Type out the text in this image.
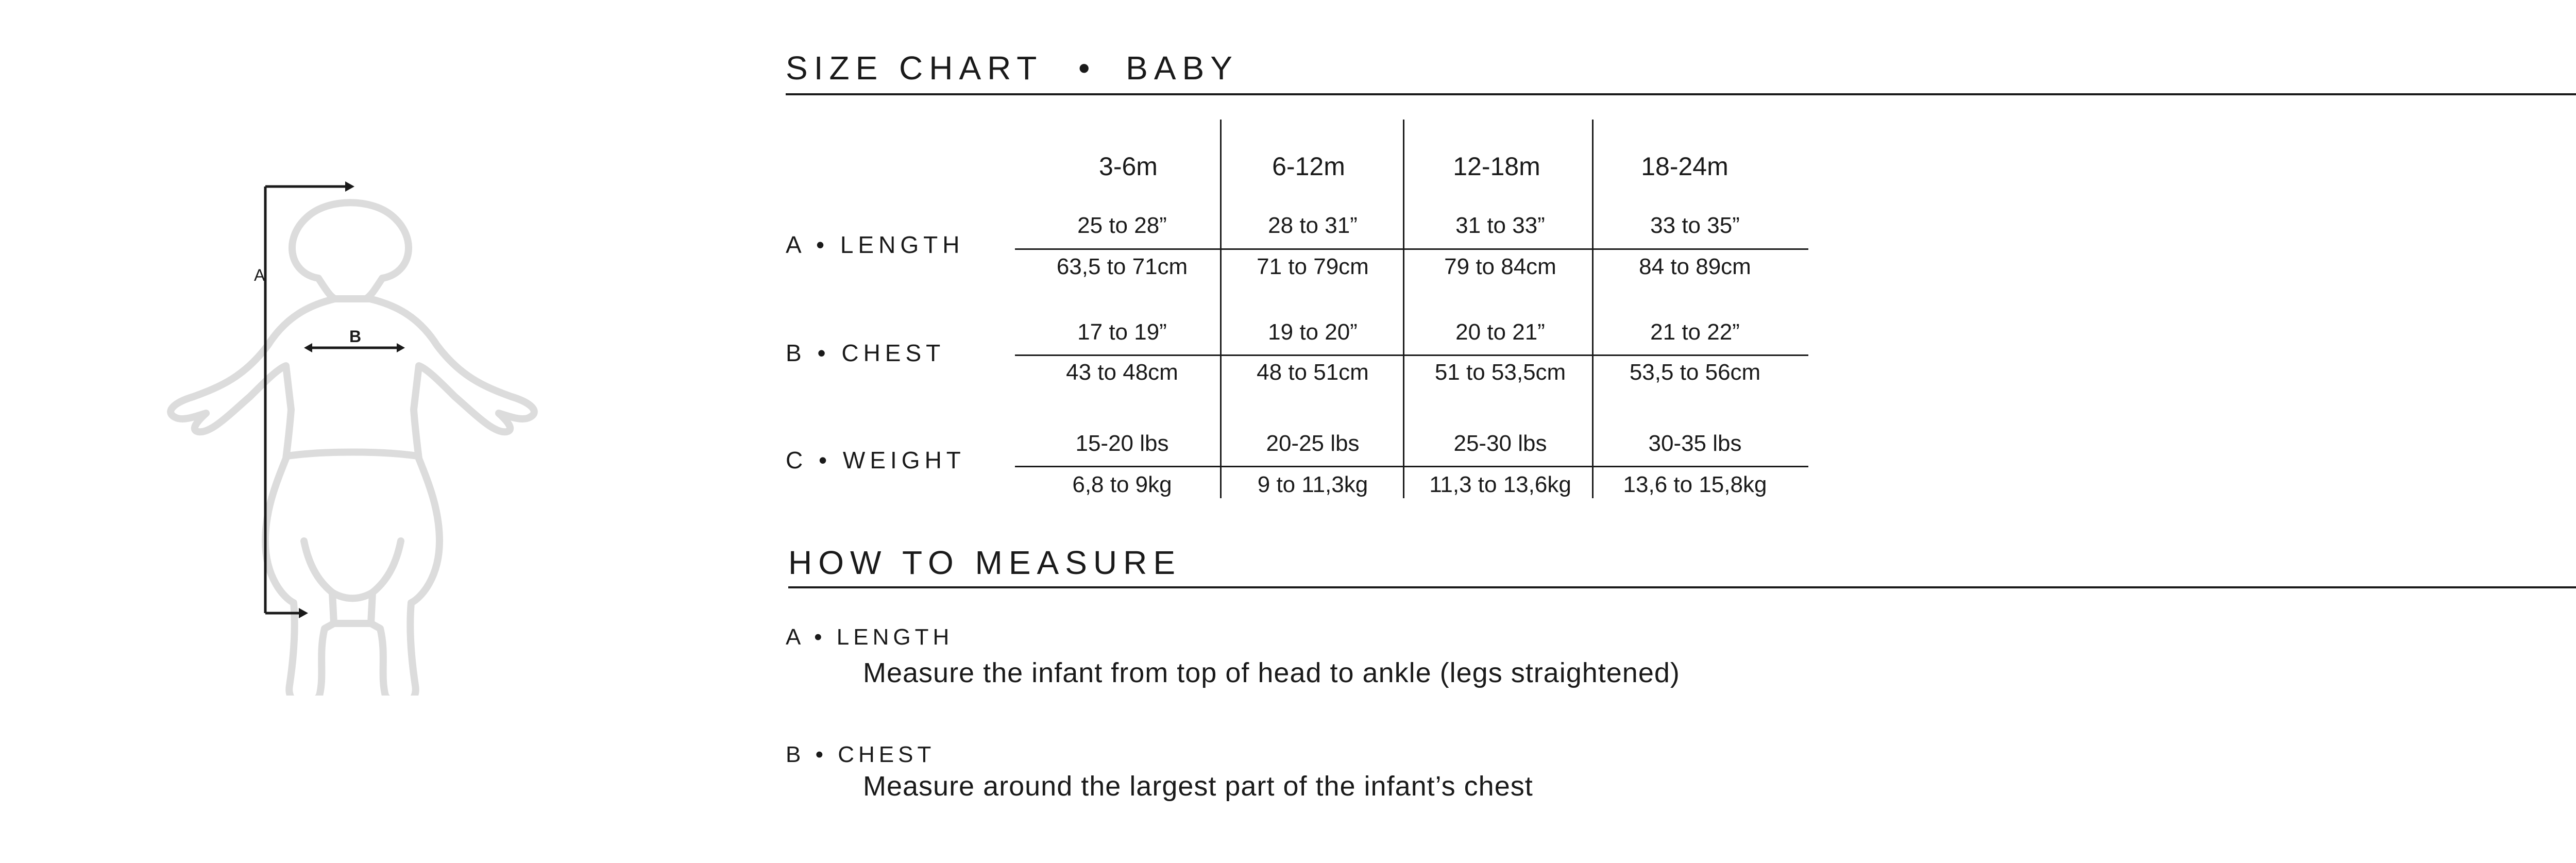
A
B
SIZE CHART • BABY
3-6m	6-12m	12-18m	18-24m
A • LENGTH
25 to 28”	28 to 31”	31 to 33”	33 to 35”
63,5 to 71cm	71 to 79cm	79 to 84cm	84 to 89cm
B • CHEST
17 to 19”	19 to 20”	20 to 21”	21 to 22”
43 to 48cm	48 to 51cm	51 to 53,5cm	53,5 to 56cm
C • WEIGHT
15-20 lbs	20-25 lbs	25-30 lbs	30-35 lbs
6,8 to 9kg	9 to 11,3kg	11,3 to 13,6kg	13,6 to 15,8kg
HOW TO MEASURE
A • LENGTH
Measure the infant from top of head to ankle (legs straightened)
B • CHEST
Measure around the largest part of the infant’s chest
